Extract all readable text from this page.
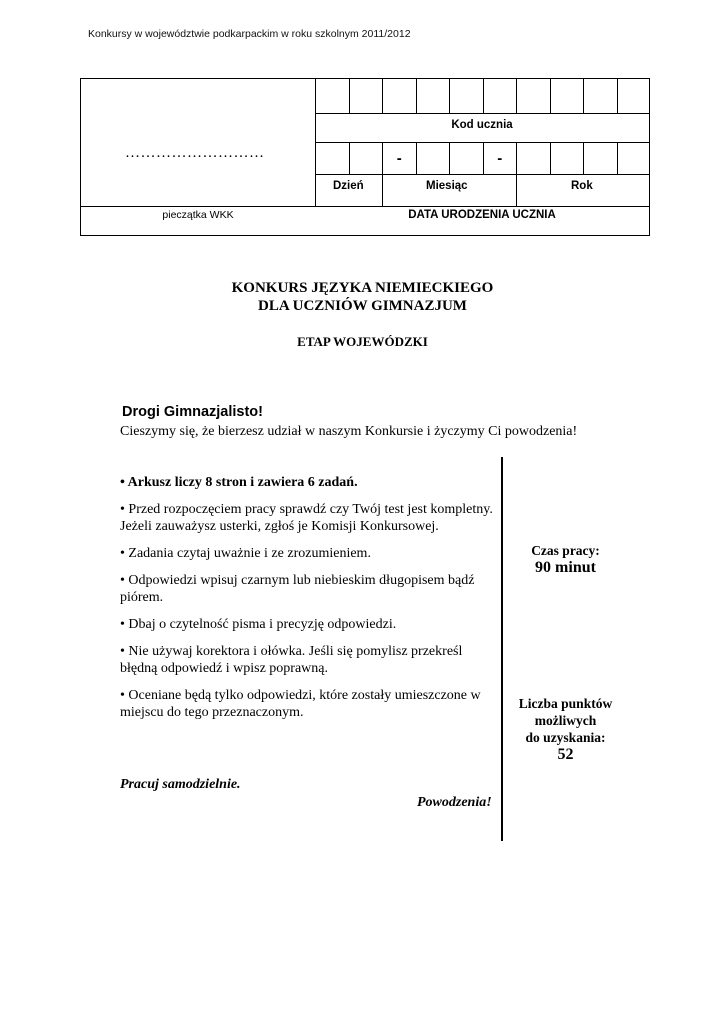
Konkursy w województwie podkarpackim w roku szkolnym 2011/2012
………………………
Kod ucznia
-	-
Dzień	Miesiąc	Rok
pieczątka WKK	DATA URODZENIA UCZNIA
KONKURS JĘZYKA NIEMIECKIEGO
DLA UCZNIÓW GIMNAZJUM
ETAP WOJEWÓDZKI
Drogi Gimnazjalisto!
Cieszymy się, że bierzesz udział w naszym Konkursie i życzymy Ci powodzenia!

• Arkusz liczy 8 stron i zawiera 6 zadań.

• Przed rozpoczęciem pracy sprawdź czy Twój test jest kompletny. Jeżeli zauważysz usterki, zgłoś je Komisji Konkursowej.

• Zadania czytaj uważnie i ze zrozumieniem.

• Odpowiedzi wpisuj czarnym lub niebieskim długopisem bądź piórem.

• Dbaj o czytelność pisma i precyzję odpowiedzi.

• Nie używaj korektora i ołówka. Jeśli się pomylisz przekreśl błędną odpowiedź i wpisz poprawną.

• Oceniane będą tylko odpowiedzi, które zostały umieszczone w miejscu do tego przeznaczonym.

Pracuj samodzielnie.
Powodzenia!
Czas pracy:
90 minut
Liczba punktów
możliwych
do uzyskania:
52
